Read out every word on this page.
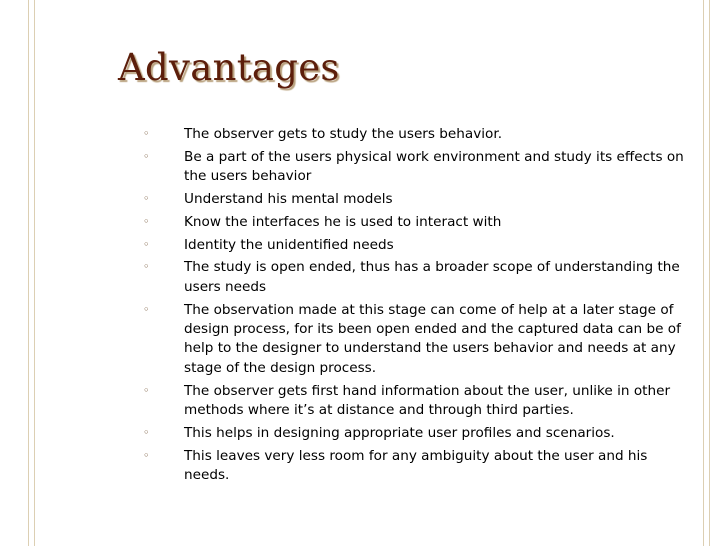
Advantages
◦	The observer gets to study the users behavior.
◦	Be a part of the users physical work environment and study its effects on the users behavior
◦	Understand his mental models
◦	Know the interfaces he is used to interact with
◦	Identity the unidentified needs
◦	The study is open ended, thus has a broader scope of understanding the users needs
◦	The observation made at this stage can come of help at a later stage of design process, for its been open ended and the captured data can be of help to the designer to understand the users behavior and needs at any stage of the design process.
◦	The observer gets first hand information about the user, unlike in other methods where it’s at distance and through third parties.
◦	This helps in designing appropriate user profiles and scenarios.
◦	This leaves very less room for any ambiguity about the user and his needs.
